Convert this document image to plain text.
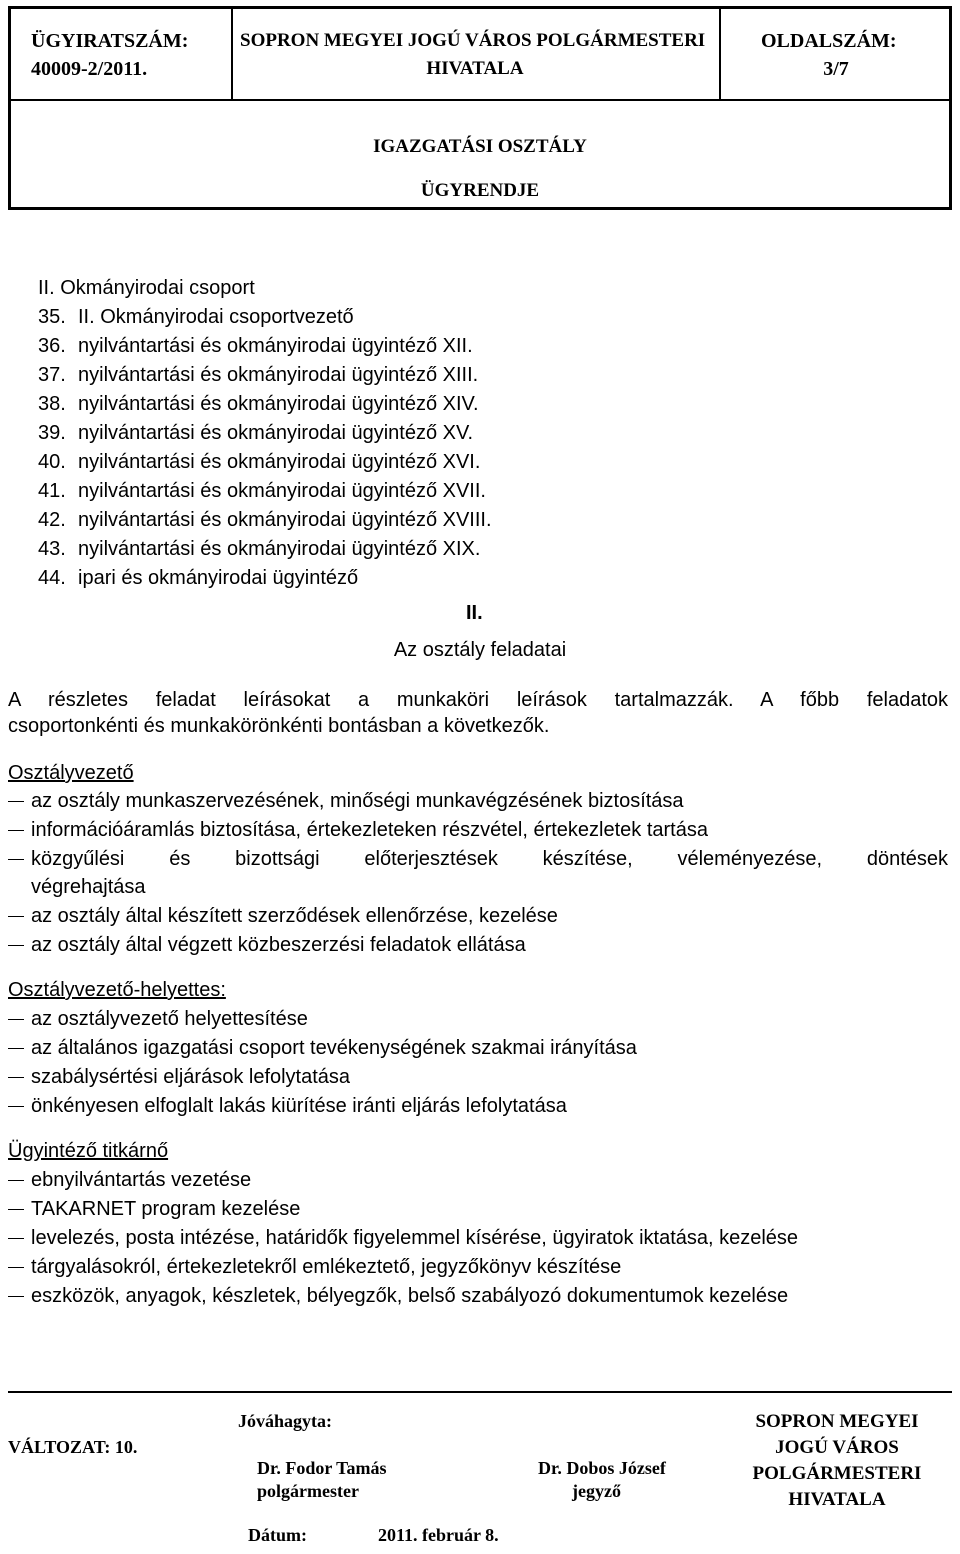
ÜGYIRATSZÁM:
40009-2/2011.
SOPRON MEGYEI JOGÚ VÁROS POLGÁRMESTERI
HIVATALA
OLDALSZÁM:
3/7
IGAZGATÁSI OSZTÁLY
ÜGYRENDJE
II. Okmányirodai csoport
35. II. Okmányirodai csoportvezető
36. nyilvántartási és okmányirodai ügyintéző XII.
37. nyilvántartási és okmányirodai ügyintéző XIII.
38. nyilvántartási és okmányirodai ügyintéző XIV.
39. nyilvántartási és okmányirodai ügyintéző XV.
40. nyilvántartási és okmányirodai ügyintéző XVI.
41. nyilvántartási és okmányirodai ügyintéző XVII.
42. nyilvántartási és okmányirodai ügyintéző XVIII.
43. nyilvántartási és okmányirodai ügyintéző XIX.
44. ipari és okmányirodai ügyintéző
II.
Az osztály feladatai
A részletes feladat leírásokat a munkaköri leírások tartalmazzák. A főbb feladatok
csoportonkénti és munkakörönkénti bontásban a következők.
Osztályvezető
az osztály munkaszervezésének, minőségi munkavégzésének biztosítása
információáramlás biztosítása, értekezleteken részvétel, értekezletek tartása
közgyűlési és bizottsági előterjesztések készítése, véleményezése, döntések
végrehajtása
az osztály által készített szerződések ellenőrzése, kezelése
az osztály által végzett közbeszerzési feladatok ellátása
Osztályvezető-helyettes:
az osztályvezető helyettesítése
az általános igazgatási csoport tevékenységének szakmai irányítása
szabálysértési eljárások lefolytatása
önkényesen elfoglalt lakás kiürítése iránti eljárás lefolytatása
Ügyintéző titkárnő
ebnyilvántartás vezetése
TAKARNET program kezelése
levelezés, posta intézése, határidők figyelemmel kísérése, ügyiratok iktatása, kezelése
tárgyalásokról, értekezletekről emlékeztető, jegyzőkönyv készítése
eszközök, anyagok, készletek, bélyegzők, belső szabályozó dokumentumok kezelése
VÁLTOZAT: 10.
Jóváhagyta:
Dr. Fodor Tamás
polgármester
Dr. Dobos József
jegyző
Dátum:	2011. február 8.
SOPRON MEGYEI
JOGÚ VÁROS
POLGÁRMESTERI
HIVATALA
